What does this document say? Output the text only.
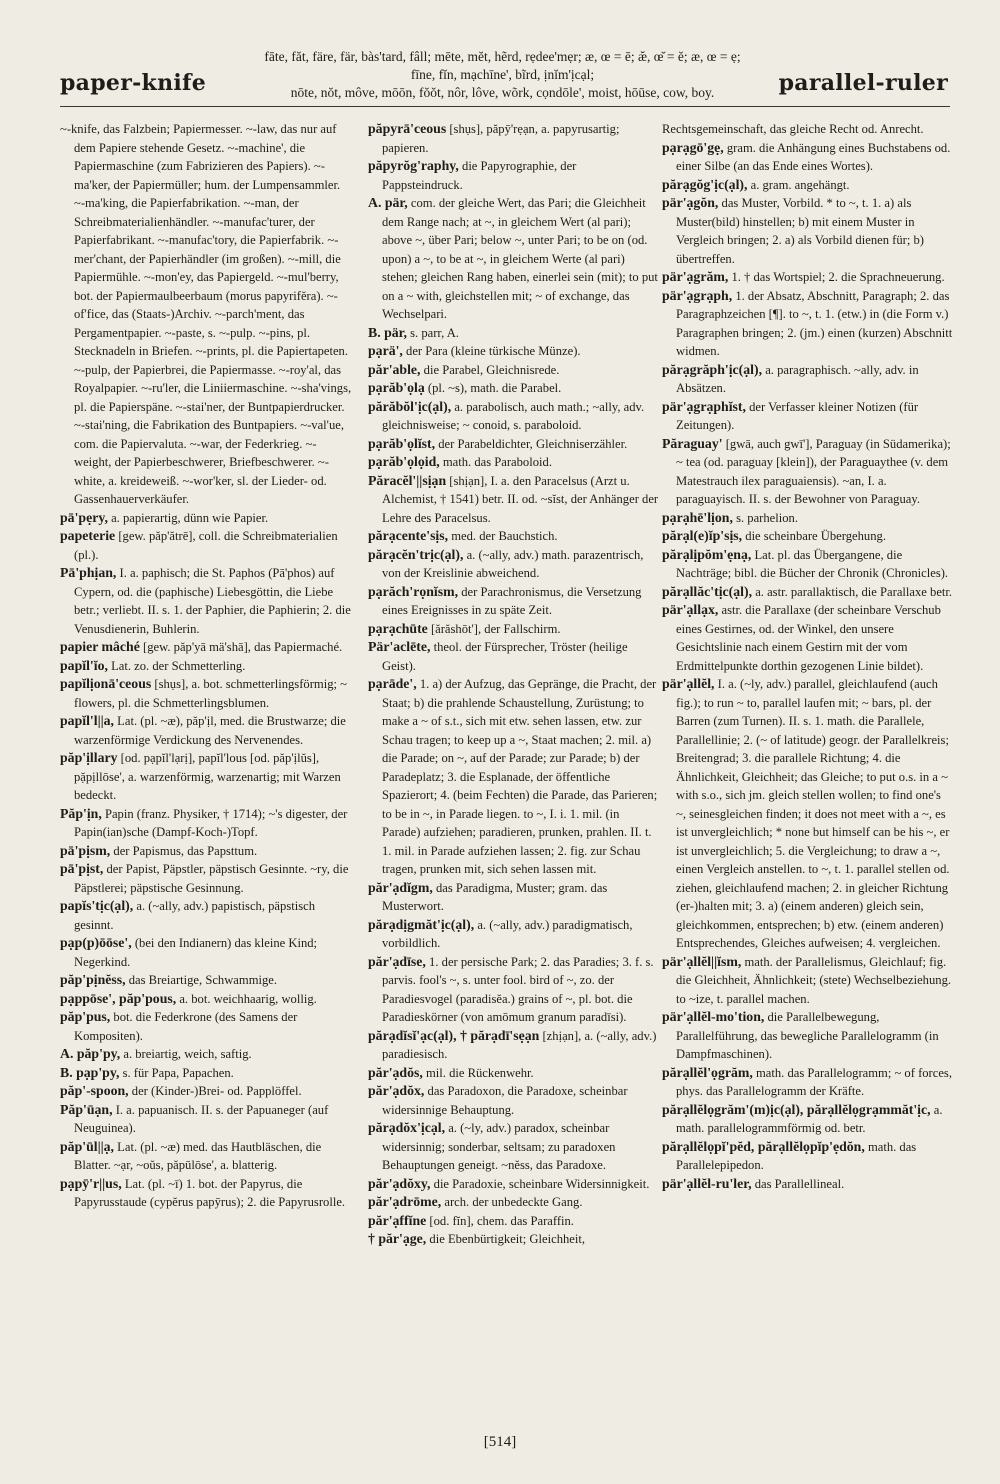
paper-knife
fāte, făt, färe, fär, bàs'tard, fâll; mēte, mĕt, hẽrd, rẹdee'mẹr; æ, œ = ē; æ̆, œ̆ = ĕ; æ, œ = ẹ;
fīne, fĭn, mạchīne', bĩrd, ịnĭm'ịcạl;
nōte, nŏt, môve, mōōn, fŏŏt, nôr, lôve, wõrk, cọndōle', moist, hōūse, cow, boy.	parallel-ruler

~-knife, das Falzbein; Papiermesser. ~-law, das nur auf dem Papiere stehende Gesetz. ~-machine', die Papiermaschine (zum Fabrizieren des Papiers). ~-ma'ker, der Papiermüller; hum. der Lumpensammler. ~-ma'king, die Papierfabrikation. ~-man, der Schreibmaterialienhändler. ~-manufac'turer, der Papierfabrikant. ~-manufac'tory, die Papierfabrik. ~-mer'chant, der Papierhändler (im großen). ~-mill, die Papiermühle. ~-mon'ey, das Papiergeld. ~-mul'berry, bot. der Papiermaulbeerbaum (morus papyrifĕra). ~-of'fice, das (Staats-)Archiv. ~-parch'ment, das Pergamentpapier. ~-paste, s. ~-pulp. ~-pins, pl. Stecknadeln in Briefen. ~-prints, pl. die Papiertapeten. ~-pulp, der Papierbrei, die Papiermasse. ~-roy'al, das Royalpapier. ~-ru'ler, die Liniiermaschine. ~-sha'vings, pl. die Papierspäne. ~-stai'ner, der Buntpapierdrucker. ~-stai'ning, die Fabrikation des Buntpapiers. ~-val'ue, com. die Papiervaluta. ~-war, der Federkrieg. ~-weight, der Papierbeschwerer, Briefbeschwerer. ~-white, a. kreideweiß. ~-wor'ker, sl. der Lieder- od. Gassenhauerverkäufer.

pā'pẹry, a. papierartig, dünn wie Papier.

papeterie [gew. păp'ătrē], coll. die Schreibmaterialien (pl.).

Pā'phịan, I. a. paphisch; die St. Paphos (Pā'phos) auf Cypern, od. die (paphische) Liebesgöttin, die Liebe betr.; verliebt. II. s. 1. der Paphier, die Paphierin; 2. die Venusdienerin, Buhlerin.

papier mâché [gew. păp'yā mä'shā], das Papiermaché.

papĭl'ĭo, Lat. zo. der Schmetterling.

papĭlịonā'ceous [shụs], a. bot. schmetterlingsförmig; ~ flowers, pl. die Schmetterlingsblumen.

papĭl'l||a, Lat. (pl. ~æ), păp'ịl, med. die Brustwarze; die warzenförmige Verdickung des Nervenendes.

păp'ịllary [od. pạpĭl'lạrị], papĭl'lous [od. păp'ịlŭs], pặpịllōse', a. warzenförmig, warzenartig; mit Warzen bedeckt.

Păp'ịn, Papin (franz. Physiker, † 1714); ~'s digester, der Papin(ian)sche (Dampf-Koch-)Topf.

pā'pịsm, der Papismus, das Papsttum.

pā'pịst, der Papist, Päpstler, päpstisch Gesinnte. ~ry, die Päpstlerei; päpstische Gesinnung.

papĭs'tịc(ạl), a. (~ally, adv.) papistisch, päpstisch gesinnt.

pạp(p)ōōse', (bei den Indianern) das kleine Kind; Negerkind.

păp'pịnĕss, das Breiartige, Schwammige.

pạppōse', păp'pous, a. bot. weichhaarig, wollig.

păp'pus, bot. die Federkrone (des Samens der Kompositen).

A. păp'py, a. breiartig, weich, saftig.

B. pạp'py, s. für Papa, Papachen.

păp'-spoon, der (Kinder-)Brei- od. Papplöffel.

Păp'ūạn, I. a. papuanisch. II. s. der Papuaneger (auf Neuguinea).

păp'ūl||ạ, Lat. (pl. ~æ) med. das Hautbläschen, die Blatter. ~ạr, ~oŭs, păpūlōse', a. blatterig.

pạpȳ'r||us, Lat. (pl. ~ī) 1. bot. der Papyrus, die Papyrusstaude (cypĕrus papȳrus); 2. die Papyrusrolle.

păpyrā'ceous [shụs], păpȳ'rẹạn, a. papyrusartig; papieren.

păpyrŏg'raphy, die Papyrographie, der Pappsteindruck.

A. pär, com. der gleiche Wert, das Pari; die Gleichheit dem Range nach; at ~, in gleichem Wert (al pari); above ~, über Pari; below ~, unter Pari; to be on (od. upon) a ~, to be at ~, in gleichem Werte (al pari) stehen; gleichen Rang haben, einerlei sein (mit); to put on a ~ with, gleichstellen mit; ~ of exchange, das Wechselpari.

B. pär, s. parr, A.

pạrä', der Para (kleine türkische Münze).

păr'able, die Parabel, Gleichnisrede.

pạrăb'ọlạ (pl. ~s), math. die Parabel.

părăbŏl'ịc(ạl), a. parabolisch, auch math.; ~ally, adv. gleichnisweise; ~ conoid, s. paraboloid.

pạrăb'ọlĭst, der Parabeldichter, Gleichniserzähler.

pạrăb'ọlọid, math. das Paraboloid.

Păracĕl'||sịạn [shịạn], I. a. den Paracelsus (Arzt u. Alchemist, † 1541) betr. II. od. ~sĭst, der Anhänger der Lehre des Paracelsus.

părạcente'sịs, med. der Bauchstich.

părạcĕn'trịc(ạl), a. (~ally, adv.) math. parazentrisch, von der Kreislinie abweichend.

pạrăch'rọnĭsm, der Parachronismus, die Versetzung eines Ereignisses in zu späte Zeit.

pạrạchūte [ărăshōt'], der Fallschirm.

Pär'aclēte, theol. der Fürsprecher, Tröster (heilige Geist).

pạrāde', 1. a) der Aufzug, das Gepränge, die Pracht, der Staat; b) die prahlende Schaustellung, Zurüstung; to make a ~ of s.t., sich mit etw. sehen lassen, etw. zur Schau tragen; to keep up a ~, Staat machen; 2. mil. a) die Parade; on ~, auf der Parade; zur Parade; b) der Paradeplatz; 3. die Esplanade, der öffentliche Spazierort; 4. (beim Fechten) die Parade, das Parieren; to be in ~, in Parade liegen. to ~, I. i. 1. mil. (in Parade) aufziehen; paradieren, prunken, prahlen. II. t. 1. mil. in Parade aufziehen lassen; 2. fig. zur Schau tragen, prunken mit, sich sehen lassen mit.

păr'ạdĭgm, das Paradigma, Muster; gram. das Musterwort.

părạdịgmăt'ịc(ạl), a. (~ally, adv.) paradigmatisch, vorbildlich.

păr'ạdīse, 1. der persische Park; 2. das Paradies; 3. f. s. parvis. fool's ~, s. unter fool. bird of ~, zo. der Paradiesvogel (paradisĕa.) grains of ~, pl. bot. die Paradieskörner (von amōmum granum paradīsi).

părạdĭsĭ'ạc(ạl), † părạdī'sẹạn [zhịạn], a. (~ally, adv.) paradiesisch.

păr'ạdŏs, mil. die Rückenwehr.

păr'ạdŏx, das Paradoxon, die Paradoxe, scheinbar widersinnige Behauptung.

părạdŏx'ịcạl, a. (~ly, adv.) paradox, scheinbar widersinnig; sonderbar, seltsam; zu paradoxen Behauptungen geneigt. ~nĕss, das Paradoxe.

păr'ạdŏxy, die Paradoxie, scheinbare Widersinnigkeit.

păr'ạdrōme, arch. der unbedeckte Gang.

păr'ạffĭne [od. fĭn], chem. das Paraffin.

† păr'ạge, die Ebenbürtigkeit; Gleichheit,

Rechtsgemeinschaft, das gleiche Recht od. Anrecht.

pạrạgō'gẹ, gram. die Anhängung eines Buchstabens od. einer Silbe (an das Ende eines Wortes).

părạgŏg'ịc(ạl), a. gram. angehängt.

pär'ạgŏn, das Muster, Vorbild. * to ~, t. 1. a) als Muster(bild) hinstellen; b) mit einem Muster in Vergleich bringen; 2. a) als Vorbild dienen für; b) übertreffen.

pär'ạgrăm, 1. † das Wortspiel; 2. die Sprachneuerung.

pär'ạgrạph, 1. der Absatz, Abschnitt, Paragraph; 2. das Paragraphzeichen [¶]. to ~, t. 1. (etw.) in (die Form v.) Paragraphen bringen; 2. (jm.) einen (kurzen) Abschnitt widmen.

părạgrăph'ịc(ạl), a. paragraphisch. ~ally, adv. in Absätzen.

pär'ạgrạphĭst, der Verfasser kleiner Notizen (für Zeitungen).

Păraguay' [gwā, auch gwī'], Paraguay (in Südamerika); ~ tea (od. paraguay [klein]), der Paraguaythee (v. dem Matestrauch ilex paraguaiensis). ~an, I. a. paraguayisch. II. s. der Bewohner von Paraguay.

pạrạhē'lịon, s. parhelion.

părạl(e)ĭp'sịs, die scheinbare Übergehung.

părạlịpŏm'ẹnạ, Lat. pl. das Übergangene, die Nachträge; bibl. die Bücher der Chronik (Chronicles).

părạllăc'tịc(ạl), a. astr. parallaktisch, die Parallaxe betr.

pär'ạllạx, astr. die Parallaxe (der scheinbare Verschub eines Gestirnes, od. der Winkel, den unsere Gesichtslinie nach einem Gestirn mit der vom Erdmittelpunkte dorthin gezogenen Linie bildet).

pär'ạllĕl, I. a. (~ly, adv.) parallel, gleichlaufend (auch fig.); to run ~ to, parallel laufen mit; ~ bars, pl. der Barren (zum Turnen). II. s. 1. math. die Parallele, Parallellinie; 2. (~ of latitude) geogr. der Parallelkreis; Breitengrad; 3. die parallele Richtung; 4. die Ähnlichkeit, Gleichheit; das Gleiche; to put o.s. in a ~ with s.o., sich jm. gleich stellen wollen; to find one's ~, seinesgleichen finden; it does not meet with a ~, es ist unvergleichlich; * none but himself can be his ~, er ist unvergleichlich; 5. die Vergleichung; to draw a ~, einen Vergleich anstellen. to ~, t. 1. parallel stellen od. ziehen, gleichlaufend machen; 2. in gleicher Richtung (er-)halten mit; 3. a) (einem anderen) gleich sein, gleichkommen, entsprechen; b) etw. (einem anderen) Entsprechendes, Gleiches aufweisen; 4. vergleichen.

pär'ạllĕl||ĭsm, math. der Parallelismus, Gleichlauf; fig. die Gleichheit, Ähnlichkeit; (stete) Wechselbeziehung. to ~ize, t. parallel machen.

pär'ạllĕl-mo'tion, die Parallelbewegung, Parallelführung, das bewegliche Parallelogramm (in Dampfmaschinen).

părạllĕl'ọgrăm, math. das Parallelogramm; ~ of forces, phys. das Parallelogramm der Kräfte.

părạllĕlọgrăm'(m)ịc(ạl), părạllĕlọgrạmmăt'ịc, a. math. parallelogrammförmig od. betr.

părạllĕlọpĭ'pĕd, părạllĕlọpĭp'ẹdŏn, math. das Parallelepipedon.

pär'ạllĕl-ru'ler, das Parallellineal.

[514]
